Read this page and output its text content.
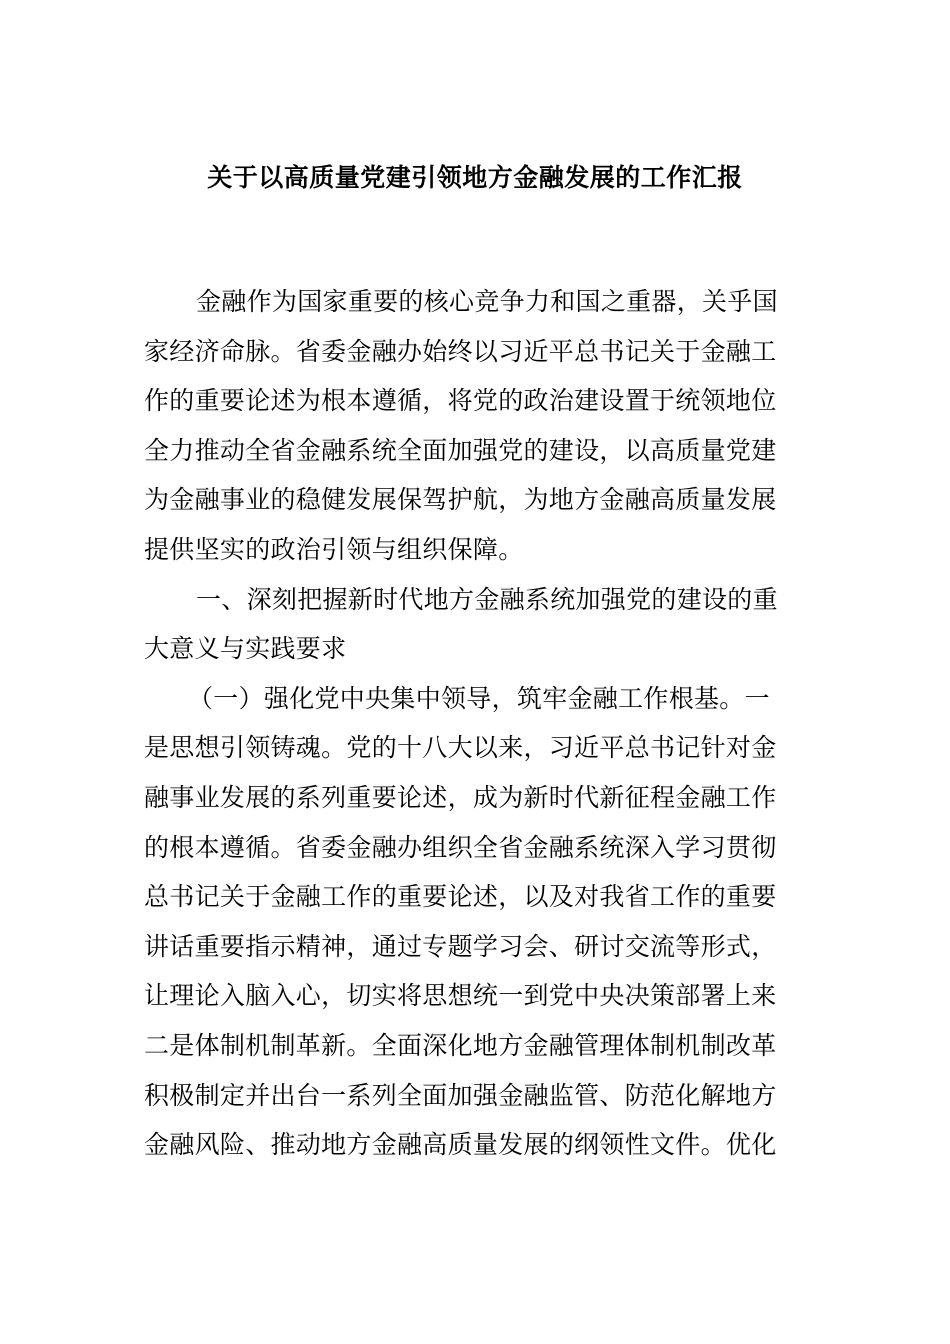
关于以高质量党建引领地方金融发展的工作汇报
金融作为国家重要的核心竞争力和国之重器，关乎国
家经济命脉。省委金融办始终以习近平总书记关于金融工
作的重要论述为根本遵循，将党的政治建设置于统领地位
全力推动全省金融系统全面加强党的建设，以高质量党建
为金融事业的稳健发展保驾护航，为地方金融高质量发展
提供坚实的政治引领与组织保障。
一、深刻把握新时代地方金融系统加强党的建设的重
大意义与实践要求
（一）强化党中央集中领导，筑牢金融工作根基。一
是思想引领铸魂。党的十八大以来，习近平总书记针对金
融事业发展的系列重要论述，成为新时代新征程金融工作
的根本遵循。省委金融办组织全省金融系统深入学习贯彻
总书记关于金融工作的重要论述，以及对我省工作的重要
讲话重要指示精神，通过专题学习会、研讨交流等形式，
让理论入脑入心，切实将思想统一到党中央决策部署上来
二是体制机制革新。全面深化地方金融管理体制机制改革
积极制定并出台一系列全面加强金融监管、防范化解地方
金融风险、推动地方金融高质量发展的纲领性文件。优化
